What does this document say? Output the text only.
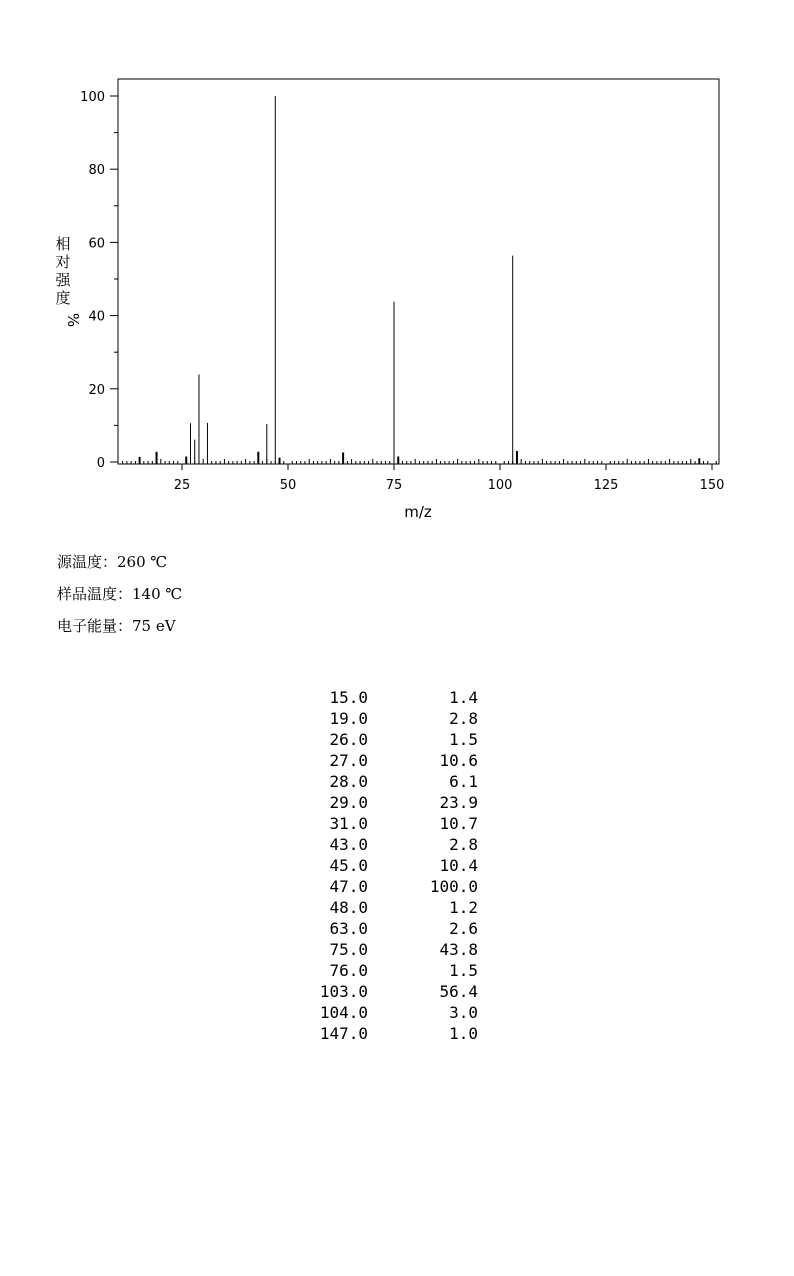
25	50	75	100	125	150
0
20
40
60
80
100
m/z
相
对
强
度
%
源温度：260 ℃
样品温度：140 ℃
电子能量：75 eV
15.0	1.4
19.0	2.8
26.0	1.5
27.0	10.6
28.0	6.1
29.0	23.9
31.0	10.7
43.0	2.8
45.0	10.4
47.0	100.0
48.0	1.2
63.0	2.6
75.0	43.8
76.0	1.5
103.0	56.4
104.0	3.0
147.0	1.0
